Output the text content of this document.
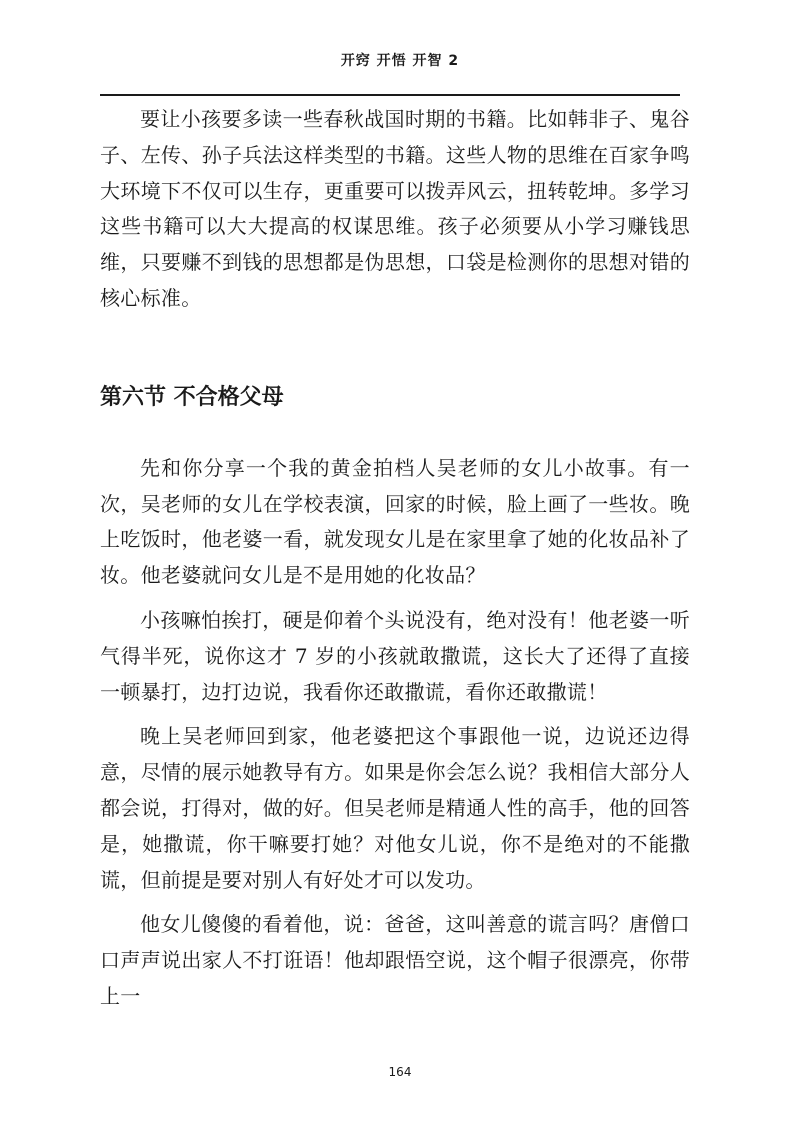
开窍 开悟 开智 2

要让小孩要多读一些春秋战国时期的书籍。比如韩非子、鬼谷子、左传、孙子兵法这样类型的书籍。这些人物的思维在百家争鸣大环境下不仅可以生存，更重要可以拨弄风云，扭转乾坤。多学习这些书籍可以大大提高的权谋思维。孩子必须要从小学习赚钱思维，只要赚不到钱的思想都是伪思想，口袋是检测你的思想对错的核心标准。

第六节 不合格父母

先和你分享一个我的黄金拍档人吴老师的女儿小故事。有一次，吴老师的女儿在学校表演，回家的时候，脸上画了一些妆。晚上吃饭时，他老婆一看，就发现女儿是在家里拿了她的化妆品补了妆。他老婆就问女儿是不是用她的化妆品？

小孩嘛怕挨打，硬是仰着个头说没有，绝对没有！他老婆一听气得半死，说你这才 7 岁的小孩就敢撒谎，这长大了还得了直接一顿暴打，边打边说，我看你还敢撒谎，看你还敢撒谎！

晚上吴老师回到家，他老婆把这个事跟他一说，边说还边得意，尽情的展示她教导有方。如果是你会怎么说？我相信大部分人都会说，打得对，做的好。但吴老师是精通人性的高手，他的回答是，她撒谎，你干嘛要打她？对他女儿说，你不是绝对的不能撒谎，但前提是要对别人有好处才可以发功。

他女儿傻傻的看着他，说：爸爸，这叫善意的谎言吗？唐僧口口声声说出家人不打诳语！他却跟悟空说，这个帽子很漂亮，你带上一

164
